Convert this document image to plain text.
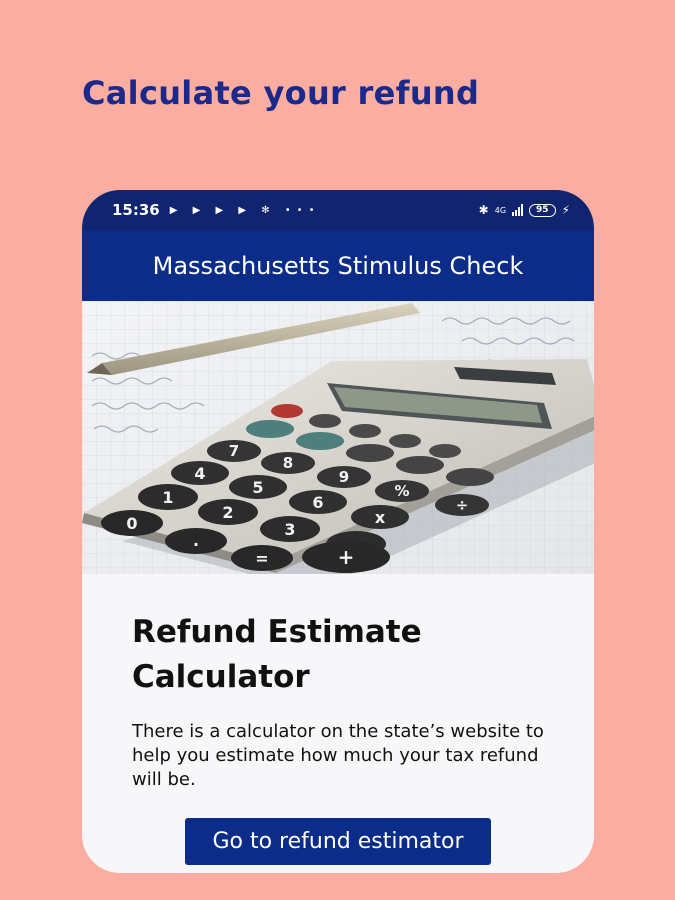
Calculate your refund
15:36 ▶ ▶ ▶ ▶ ✻ •••	✱ 4G	95	⚡
Massachusetts Stimulus Check
7
8
9
%
÷
4
5
6
x
1
2
3
0
.
=	+
Refund Estimate Calculator
There is a calculator on the state’s website to help you estimate how much your tax refund will be.
Go to refund estimator
